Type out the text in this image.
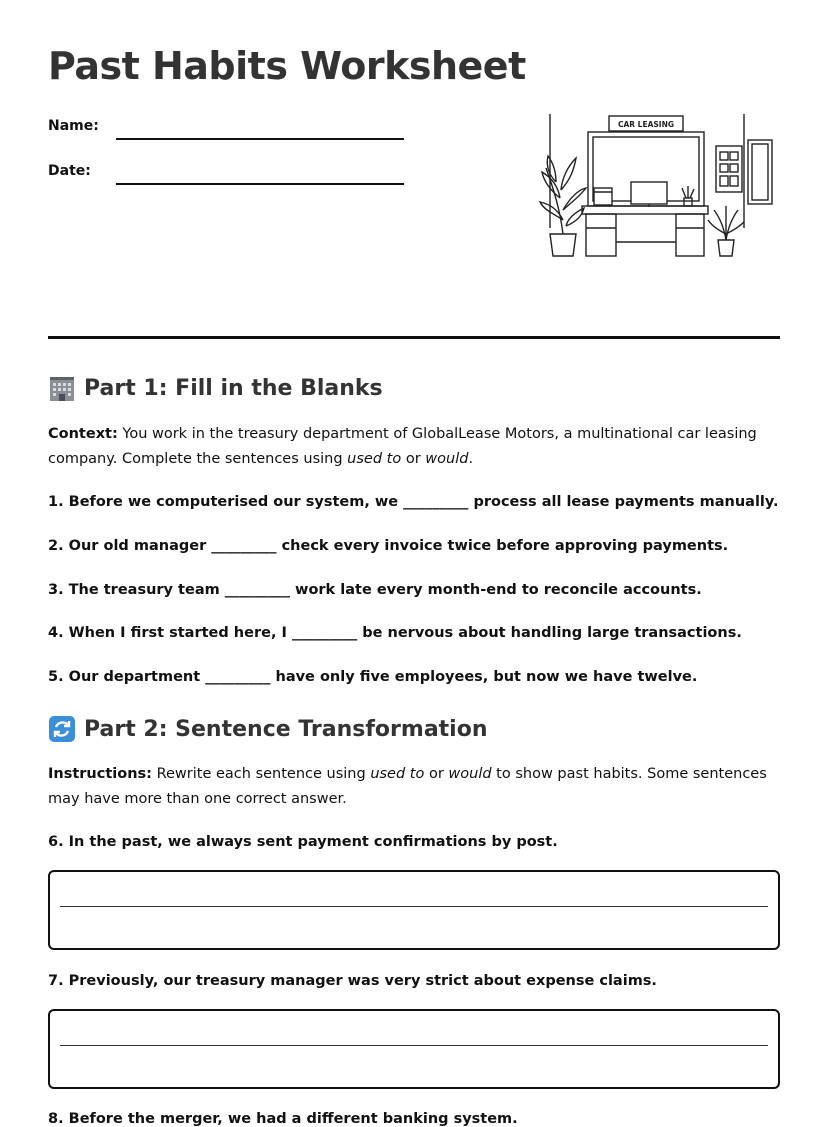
Past Habits Worksheet
Name:
Date:
CAR LEASING
Part 1: Fill in the Blanks

Context: You work in the treasury department of GlobalLease Motors, a multinational car leasing company. Complete the sentences using used to or would.

1. Before we computerised our system, we _________ process all lease payments manually.

2. Our old manager _________ check every invoice twice before approving payments.

3. The treasury team _________ work late every month-end to reconcile accounts.

4. When I first started here, I _________ be nervous about handling large transactions.

5. Our department _________ have only five employees, but now we have twelve.

Part 2: Sentence Transformation

Instructions: Rewrite each sentence using used to or would to show past habits. Some sentences may have more than one correct answer.

6. In the past, we always sent payment confirmations by post.

7. Previously, our treasury manager was very strict about expense claims.

8. Before the merger, we had a different banking system.
